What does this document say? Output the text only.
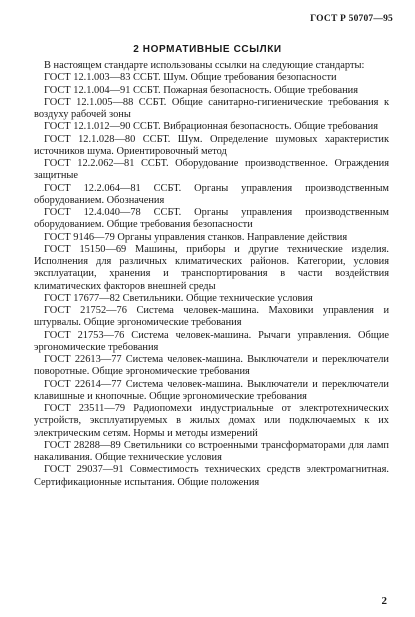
ГОСТ Р 50707—95
2 НОРМАТИВНЫЕ ССЫЛКИ

В настоящем стандарте использованы ссылки на следующие стандарты:

ГОСТ 12.1.003—83 ССБТ. Шум. Общие требования безопасности

ГОСТ 12.1.004—91 ССБТ. Пожарная безопасность. Общие требования

ГОСТ 12.1.005—88 ССБТ. Общие санитарно-гигиенические требования к воздуху рабочей зоны

ГОСТ 12.1.012—90 ССБТ. Вибрационная безопасность. Общие требования

ГОСТ 12.1.028—80 ССБТ. Шум. Определение шумовых характеристик источников шума. Ориентировочный метод

ГОСТ 12.2.062—81 ССБТ. Оборудование производственное. Ограждения защитные

ГОСТ 12.2.064—81 ССБТ. Органы управления производственным оборудованием. Обозначения

ГОСТ 12.4.040—78 ССБТ. Органы управления производственным оборудованием. Общие требования безопасности

ГОСТ 9146—79 Органы управления станков. Направление действия

ГОСТ 15150—69 Машины, приборы и другие технические изделия. Исполнения для различных климатических районов. Категории, условия эксплуатации, хранения и транспортирования в части воздействия климатических факторов внешней среды

ГОСТ 17677—82 Светильники. Общие технические условия

ГОСТ 21752—76 Система человек-машина. Маховики управления и штурвалы. Общие эргономические требования

ГОСТ 21753—76 Система человек-машина. Рычаги управления. Общие эргономические требования

ГОСТ 22613—77 Система человек-машина. Выключатели и переключатели поворотные. Общие эргономические требования

ГОСТ 22614—77 Система человек-машина. Выключатели и переключатели клавишные и кнопочные. Общие эргономические требования

ГОСТ 23511—79 Радиопомехи индустриальные от электротехнических устройств, эксплуатируемых в жилых домах или подключаемых к их электрическим сетям. Нормы и методы измерений

ГОСТ 28288—89 Светильники со встроенными трансформаторами для ламп накаливания. Общие технические условия

ГОСТ 29037—91 Совместимость технических средств электромагнитная. Сертификационные испытания. Общие положения

2
